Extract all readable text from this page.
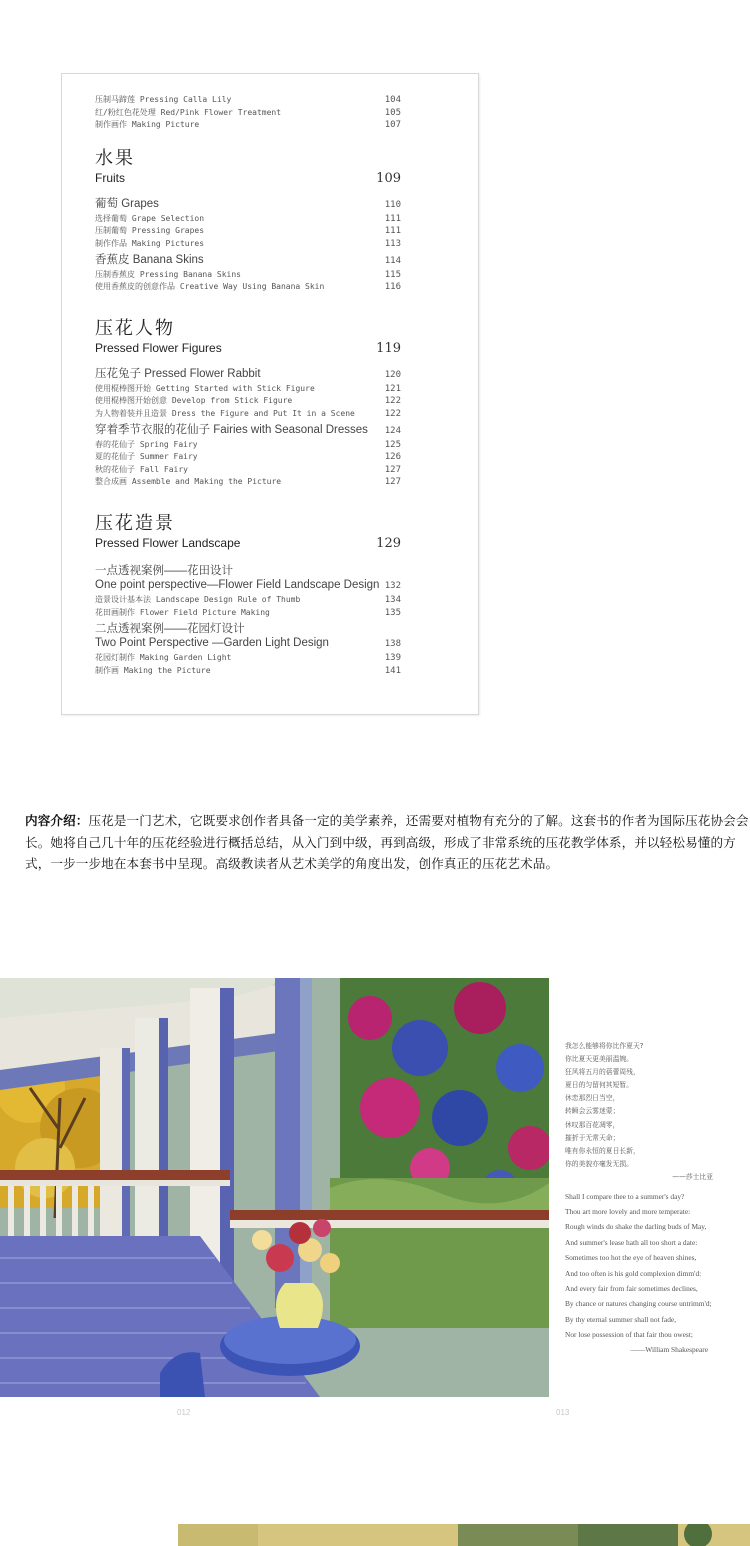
压制马蹄莲 Pressing Calla Lily	104
红/粉红色花处理 Red/Pink Flower Treatment	105
制作画作 Making Picture	107
水果
Fruits	109
葡萄 Grapes	110
选择葡萄 Grape Selection	111
压制葡萄 Pressing Grapes	111
制作作品 Making Pictures	113
香蕉皮 Banana Skins	114
压制香蕉皮 Pressing Banana Skins	115
使用香蕉皮的创意作品 Creative Way Using Banana Skin	116
压花人物
Pressed Flower Figures	119
压花兔子 Pressed Flower Rabbit	120
使用棍棒图开始 Getting Started with Stick Figure	121
使用棍棒图开始创意 Develop from Stick Figure	122
为人物着装并且造景 Dress the Figure and Put It in a Scene	122
穿着季节衣服的花仙子 Fairies with Seasonal Dresses 124
春的花仙子 Spring Fairy	125
夏的花仙子 Summer Fairy	126
秋的花仙子 Fall Fairy	127
整合成画 Assemble and Making the Picture	127
压花造景
Pressed Flower Landscape	129
一点透视案例——花田设计
One point perspective—Flower Field Landscape Design 132
造景设计基本法 Landscape Design Rule of Thumb	134
花田画制作 Flower Field Picture Making	135
二点透视案例——花园灯设计
Two Point Perspective —Garden Light Design	138
花园灯制作 Making Garden Light	139
制作画 Making the Picture	141
内容介绍：压花是一门艺术，它既要求创作者具备一定的美学素养，还需要对植物有充分的了解。这套书的作者为国际压花协会会长。她将自己几十年的压花经验进行概括总结，从入门到中级，再到高级，形成了非常系统的压花教学体系，并以轻松易懂的方式，一步一步地在本套书中呈现。高级教读者从艺术美学的角度出发，创作真正的压花艺术品。
我怎么能够将你比作夏天?
你比夏天更美丽温婉。
狂风将五月的蓓蕾周残，
夏日的匀留何其短暂。
休恋那烈日当空，
转瞬会云雾迷蒙；
休叹那百花凋零，
摧折于无常天命；
唯有你永恒的夏日长新，
你的美貌亦毫发无损。
——莎士比亚
Shall I compare thee to a summer's day?
Thou art more lovely and more temperate:
Rough winds do shake the darling buds of May,
And summer's lease hath all too short a date:
Sometimes too hot the eye of heaven shines,
And too often is his gold complexion dimm'd:
And every fair from fair sometimes declines,
By chance or natures changing course untrimm'd;
By thy eternal summer shall not fade,
Nor lose possession of that fair thou owest;
——William Shakespeare
012	013
